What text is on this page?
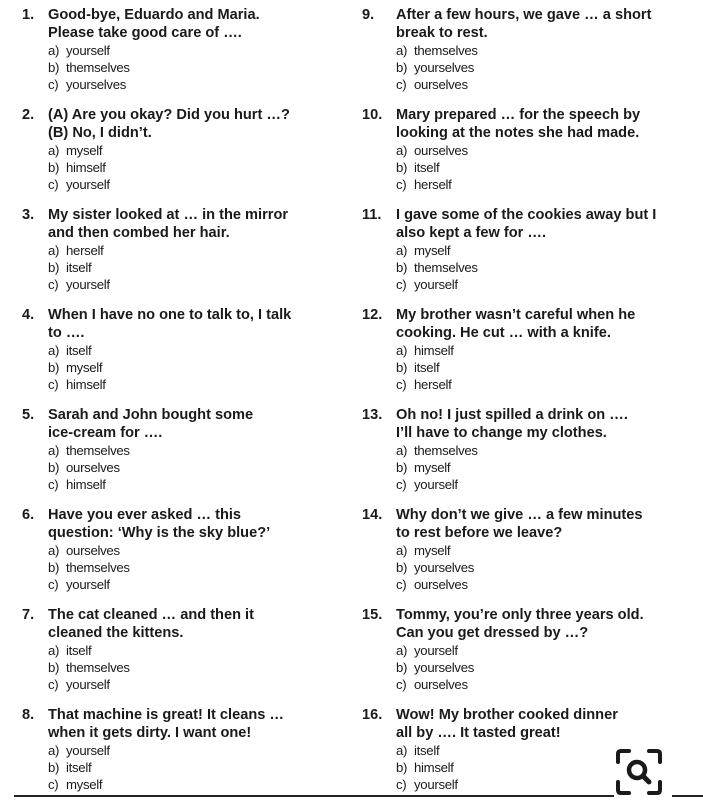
1. Good-bye, Eduardo and Maria.
Please take good care of ….
a) yourself
b) themselves
c) yourselves
2. (A) Are you okay? Did you hurt …?
(B) No, I didn’t.
a) myself
b) himself
c) yourself
3. My sister looked at … in the mirror
and then combed her hair.
a) herself
b) itself
c) yourself
4. When I have no one to talk to, I talk
to ….
a) itself
b) myself
c) himself
5. Sarah and John bought some
ice-cream for ….
a) themselves
b) ourselves
c) himself
6. Have you ever asked … this
question: ‘Why is the sky blue?’
a) ourselves
b) themselves
c) yourself
7. The cat cleaned … and then it
cleaned the kittens.
a) itself
b) themselves
c) yourself
8. That machine is great! It cleans …
when it gets dirty. I want one!
a) yourself
b) itself
c) myself
9.	After a few hours, we gave … a short
break to rest.
a) themselves
b) yourselves
c) ourselves
10. Mary prepared … for the speech by
looking at the notes she had made.
a) ourselves
b) itself
c) herself
11. I gave some of the cookies away but I
also kept a few for ….
a) myself
b) themselves
c) yourself
12. My brother wasn’t careful when he
cooking. He cut … with a knife.
a) himself
b) itself
c) herself
13. Oh no! I just spilled a drink on ….
I’ll have to change my clothes.
a) themselves
b) myself
c) yourself
14. Why don’t we give … a few minutes
to rest before we leave?
a) myself
b) yourselves
c) ourselves
15. Tommy, you’re only three years old.
Can you get dressed by …?
a) yourself
b) yourselves
c) ourselves
16. Wow! My brother cooked dinner
all by …. It tasted great!
a) itself
b) himself
c) yourself
